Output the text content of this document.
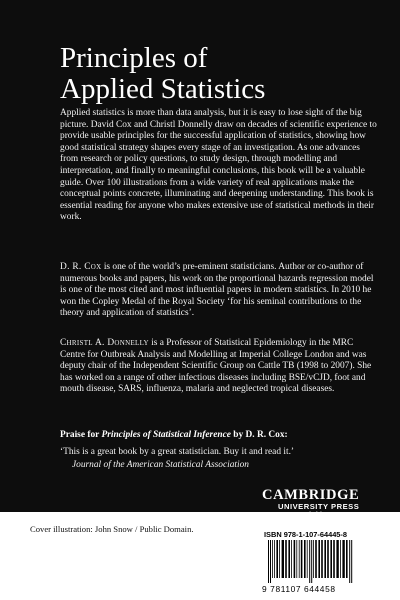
Principles of
Applied Statistics

Applied statistics is more than data analysis, but it is easy to lose sight of the big picture. David Cox and Christl Donnelly draw on decades of scientific experience to provide usable principles for the successful application of statistics, showing how good statistical strategy shapes every stage of an investigation. As one advances from research or policy questions, to study design, through modelling and interpretation, and finally to meaningful conclusions, this book will be a valuable guide. Over 100 illustrations from a wide variety of real applications make the conceptual points concrete, illuminating and deepening understanding. This book is essential reading for anyone who makes extensive use of statistical methods in their work.

D. R. Cox is one of the world’s pre-eminent statisticians. Author or co-author of numerous books and papers, his work on the proportional hazards regression model is one of the most cited and most influential papers in modern statistics. In 2010 he won the Copley Medal of the Royal Society ‘for his seminal contributions to the theory and application of statistics’.

Christl A. Donnelly is a Professor of Statistical Epidemiology in the MRC Centre for Outbreak Analysis and Modelling at Imperial College London and was deputy chair of the Independent Scientific Group on Cattle TB (1998 to 2007). She has worked on a range of other infectious diseases including BSE/vCJD, foot and mouth disease, SARS, influenza, malaria and neglected tropical diseases.

Praise for Principles of Statistical Inference by D. R. Cox:

‘This is a great book by a great statistician. Buy it and read it.’

Journal of the American Statistical Association

CAMBRIDGE
UNIVERSITY PRESS
www.cambridge.org

Cover illustration: John Snow / Public Domain.

ISBN 978-1-107-64445-8
9 781107 644458
